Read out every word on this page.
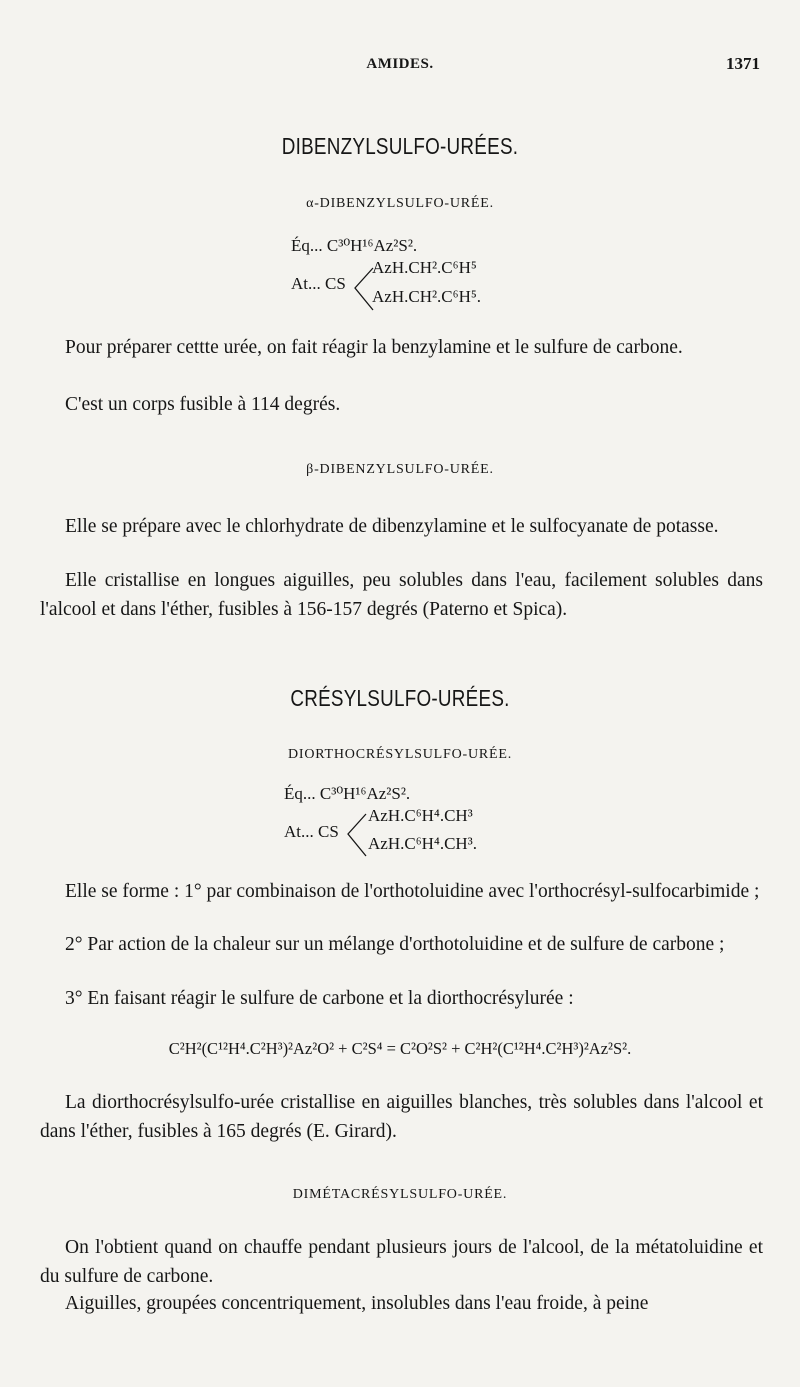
AMIDES.	1371
DIBENZYLSULFO-URÉES.
α-DIBENZYLSULFO-URÉE.
Éq... C³⁰H¹⁶Az²S².
At... CS
AzH.CH².C⁶H⁵
AzH.CH².C⁶H⁵.

Pour préparer cettte urée, on fait réagir la benzylamine et le sulfure de carbone.

C'est un corps fusible à 114 degrés.

β-DIBENZYLSULFO-URÉE.

Elle se prépare avec le chlorhydrate de dibenzylamine et le sulfocyanate de potasse.

Elle cristallise en longues aiguilles, peu solubles dans l'eau, facilement solubles dans l'alcool et dans l'éther, fusibles à 156-157 degrés (Paterno et Spica).

CRÉSYLSULFO-URÉES.
DIORTHOCRÉSYLSULFO-URÉE.
Éq... C³⁰H¹⁶Az²S².
At... CS
AzH.C⁶H⁴.CH³
AzH.C⁶H⁴.CH³.

Elle se forme : 1° par combinaison de l'orthotoluidine avec l'orthocrésyl-sulfocarbimide ;

2° Par action de la chaleur sur un mélange d'orthotoluidine et de sulfure de carbone ;

3° En faisant réagir le sulfure de carbone et la diorthocrésylurée :

C²H²(C¹²H⁴.C²H³)²Az²O² + C²S⁴ = C²O²S² + C²H²(C¹²H⁴.C²H³)²Az²S².

La diorthocrésylsulfo-urée cristallise en aiguilles blanches, très solubles dans l'alcool et dans l'éther, fusibles à 165 degrés (E. Girard).

DIMÉTACRÉSYLSULFO-URÉE.

On l'obtient quand on chauffe pendant plusieurs jours de l'alcool, de la métatoluidine et du sulfure de carbone.

Aiguilles, groupées concentriquement, insolubles dans l'eau froide, à peine
